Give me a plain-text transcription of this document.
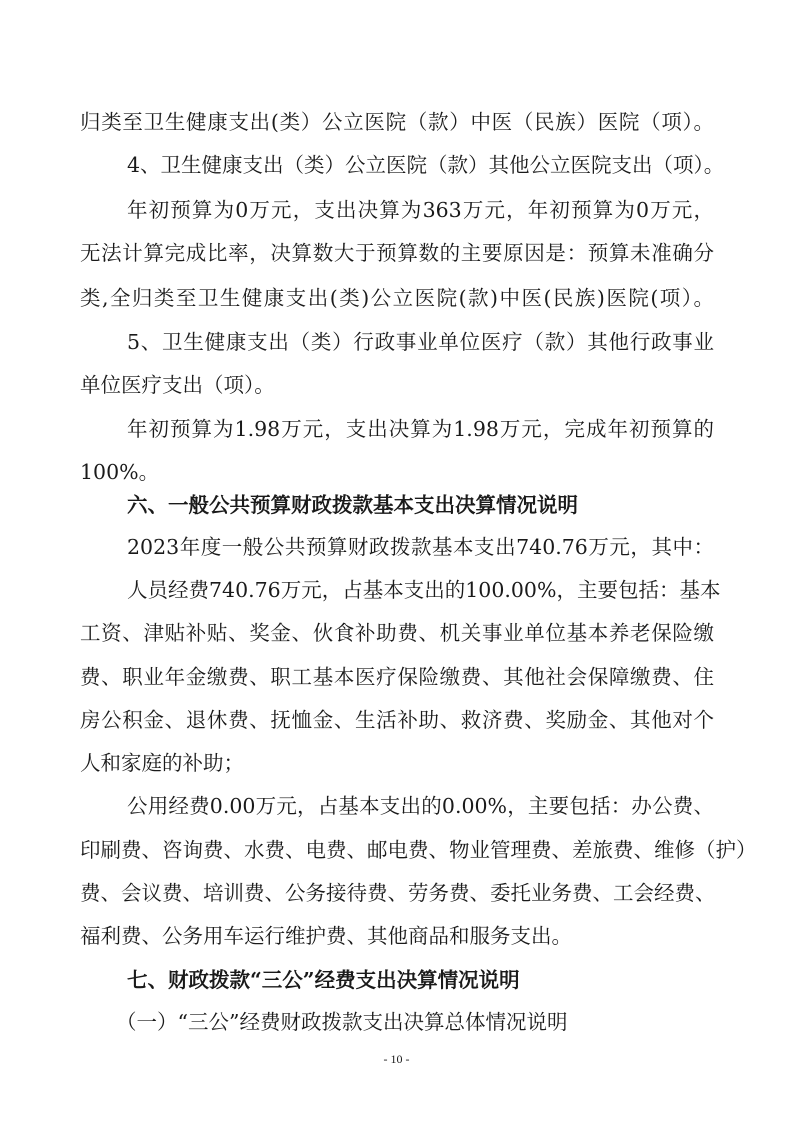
归类至卫生健康支出(类）公立医院（款）中医（民族）医院（项）。
4、卫生健康支出（类）公立医院（款）其他公立医院支出（项）。
年初预算为0万元，支出决算为363万元，年初预算为0万元，
无法计算完成比率，决算数大于预算数的主要原因是：预算未准确分
类,全归类至卫生健康支出(类)公立医院(款)中医(民族)医院(项）。
5、卫生健康支出（类）行政事业单位医疗（款）其他行政事业
单位医疗支出（项）。
年初预算为1.98万元，支出决算为1.98万元，完成年初预算的
100%。
六、一般公共预算财政拨款基本支出决算情况说明
2023年度一般公共预算财政拨款基本支出740.76万元，其中：
人员经费740.76万元，占基本支出的100.00%，主要包括：基本
工资、津贴补贴、奖金、伙食补助费、机关事业单位基本养老保险缴
费、职业年金缴费、职工基本医疗保险缴费、其他社会保障缴费、住
房公积金、退休费、抚恤金、生活补助、救济费、奖励金、其他对个
人和家庭的补助；
公用经费0.00万元，占基本支出的0.00%，主要包括：办公费、
印刷费、咨询费、水费、电费、邮电费、物业管理费、差旅费、维修（护）
费、会议费、培训费、公务接待费、劳务费、委托业务费、工会经费、
福利费、公务用车运行维护费、其他商品和服务支出。
七、财政拨款“三公”经费支出决算情况说明
（一）“三公”经费财政拨款支出决算总体情况说明
- 10 -
